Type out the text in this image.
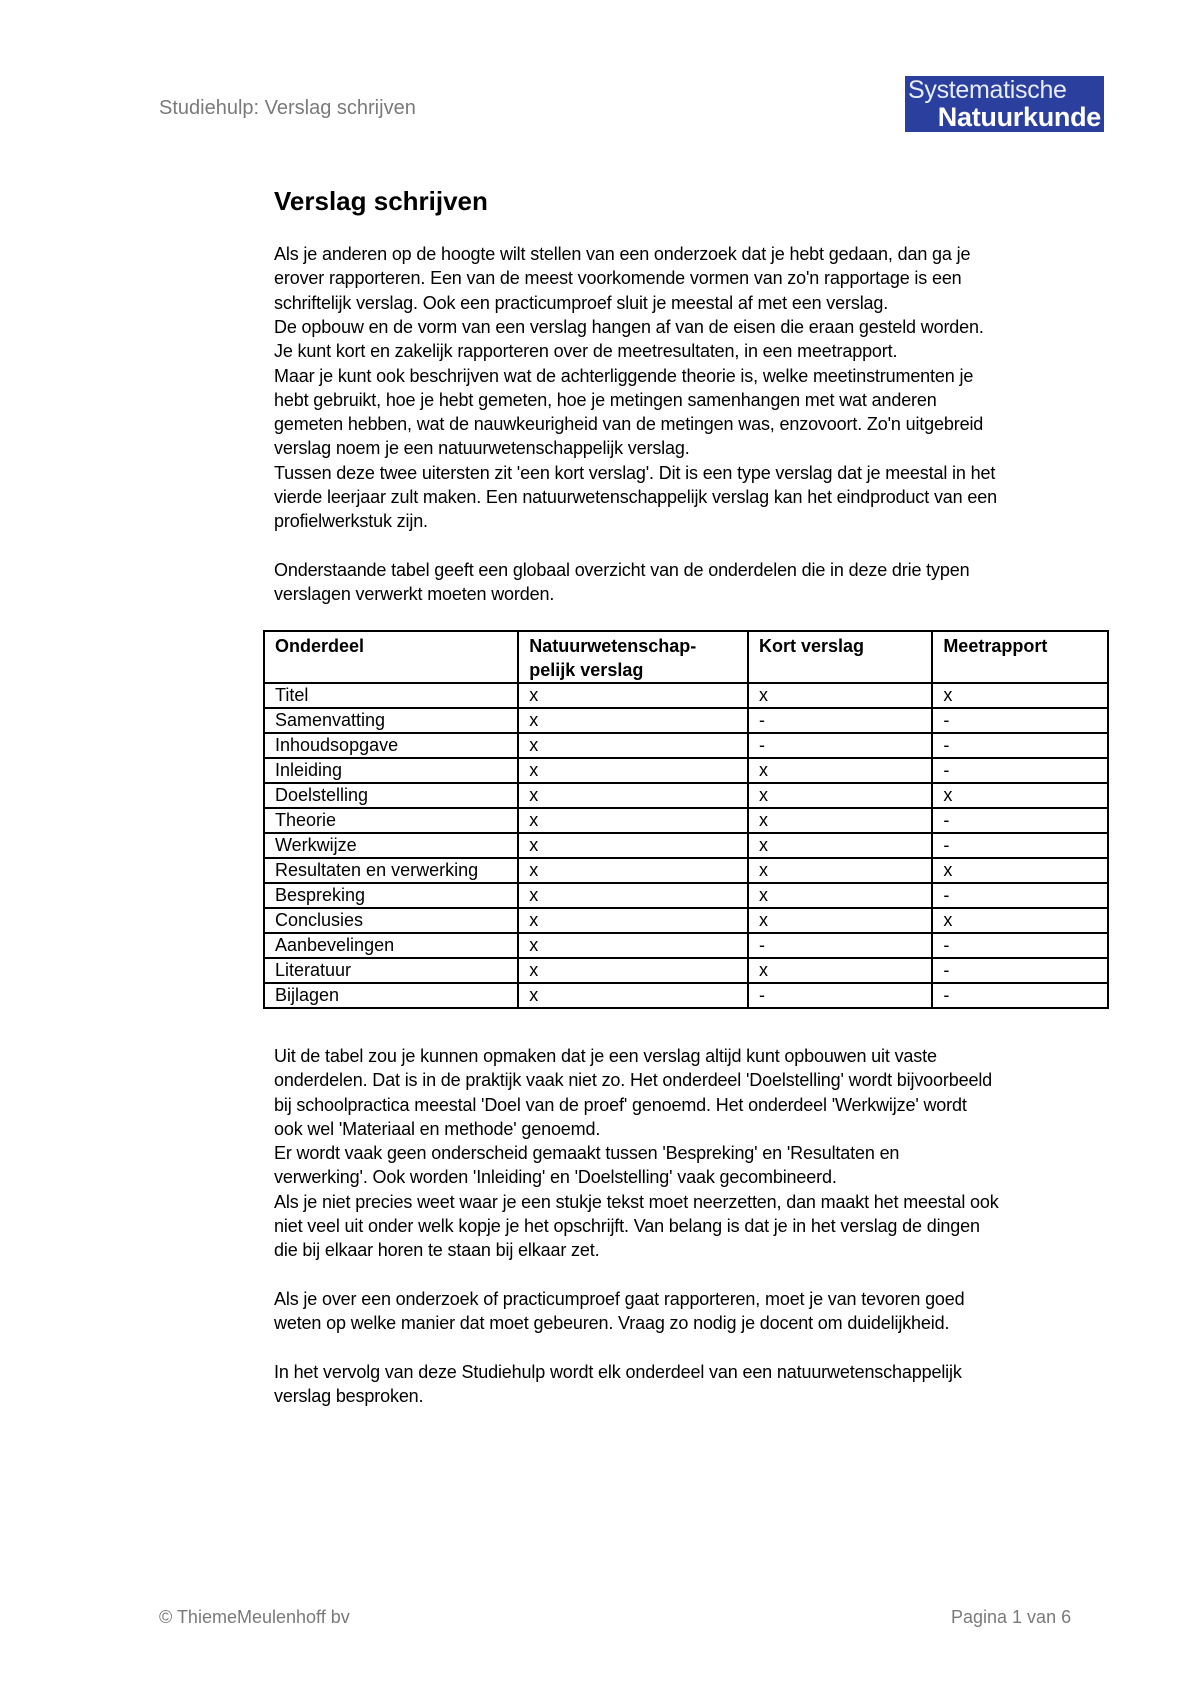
Studiehulp: Verslag schrijven
Systematische
Natuurkunde
Verslag schrijven
Als je anderen op de hoogte wilt stellen van een onderzoek dat je hebt gedaan, dan ga je
erover rapporteren. Een van de meest voorkomende vormen van zo'n rapportage is een
schriftelijk verslag. Ook een practicumproef sluit je meestal af met een verslag.
De opbouw en de vorm van een verslag hangen af van de eisen die eraan gesteld worden.
Je kunt kort en zakelijk rapporteren over de meetresultaten, in een meetrapport.
Maar je kunt ook beschrijven wat de achterliggende theorie is, welke meetinstrumenten je
hebt gebruikt, hoe je hebt gemeten, hoe je metingen samenhangen met wat anderen
gemeten hebben, wat de nauwkeurigheid van de metingen was, enzovoort. Zo'n uitgebreid
verslag noem je een natuurwetenschappelijk verslag.
Tussen deze twee uitersten zit 'een kort verslag'. Dit is een type verslag dat je meestal in het
vierde leerjaar zult maken. Een natuurwetenschappelijk verslag kan het eindproduct van een
profielwerkstuk zijn.
Onderstaande tabel geeft een globaal overzicht van de onderdelen die in deze drie typen
verslagen verwerkt moeten worden.
Uit de tabel zou je kunnen opmaken dat je een verslag altijd kunt opbouwen uit vaste
onderdelen. Dat is in de praktijk vaak niet zo. Het onderdeel 'Doelstelling' wordt bijvoorbeeld
bij schoolpractica meestal 'Doel van de proef' genoemd. Het onderdeel 'Werkwijze' wordt
ook wel 'Materiaal en methode' genoemd.
Er wordt vaak geen onderscheid gemaakt tussen 'Bespreking' en 'Resultaten en
verwerking'. Ook worden 'Inleiding' en 'Doelstelling' vaak gecombineerd.
Als je niet precies weet waar je een stukje tekst moet neerzetten, dan maakt het meestal ook
niet veel uit onder welk kopje je het opschrijft. Van belang is dat je in het verslag de dingen
die bij elkaar horen te staan bij elkaar zet.
Als je over een onderzoek of practicumproef gaat rapporteren, moet je van tevoren goed
weten op welke manier dat moet gebeuren. Vraag zo nodig je docent om duidelijkheid.
In het vervolg van deze Studiehulp wordt elk onderdeel van een natuurwetenschappelijk
verslag besproken.
Onderdeel	Natuurwetenschap-
pelijk verslag	Kort verslag	Meetrapport
Titel	x	x	x
Samenvatting	x	-	-
Inhoudsopgave	x	-	-
Inleiding	x	x	-
Doelstelling	x	x	x
Theorie	x	x	-
Werkwijze	x	x	-
Resultaten en verwerking	x	x	x
Bespreking	x	x	-
Conclusies	x	x	x
Aanbevelingen	x	-	-
Literatuur	x	x	-
Bijlagen	x	-	-
© ThiemeMeulenhoff bv	Pagina 1 van 6
